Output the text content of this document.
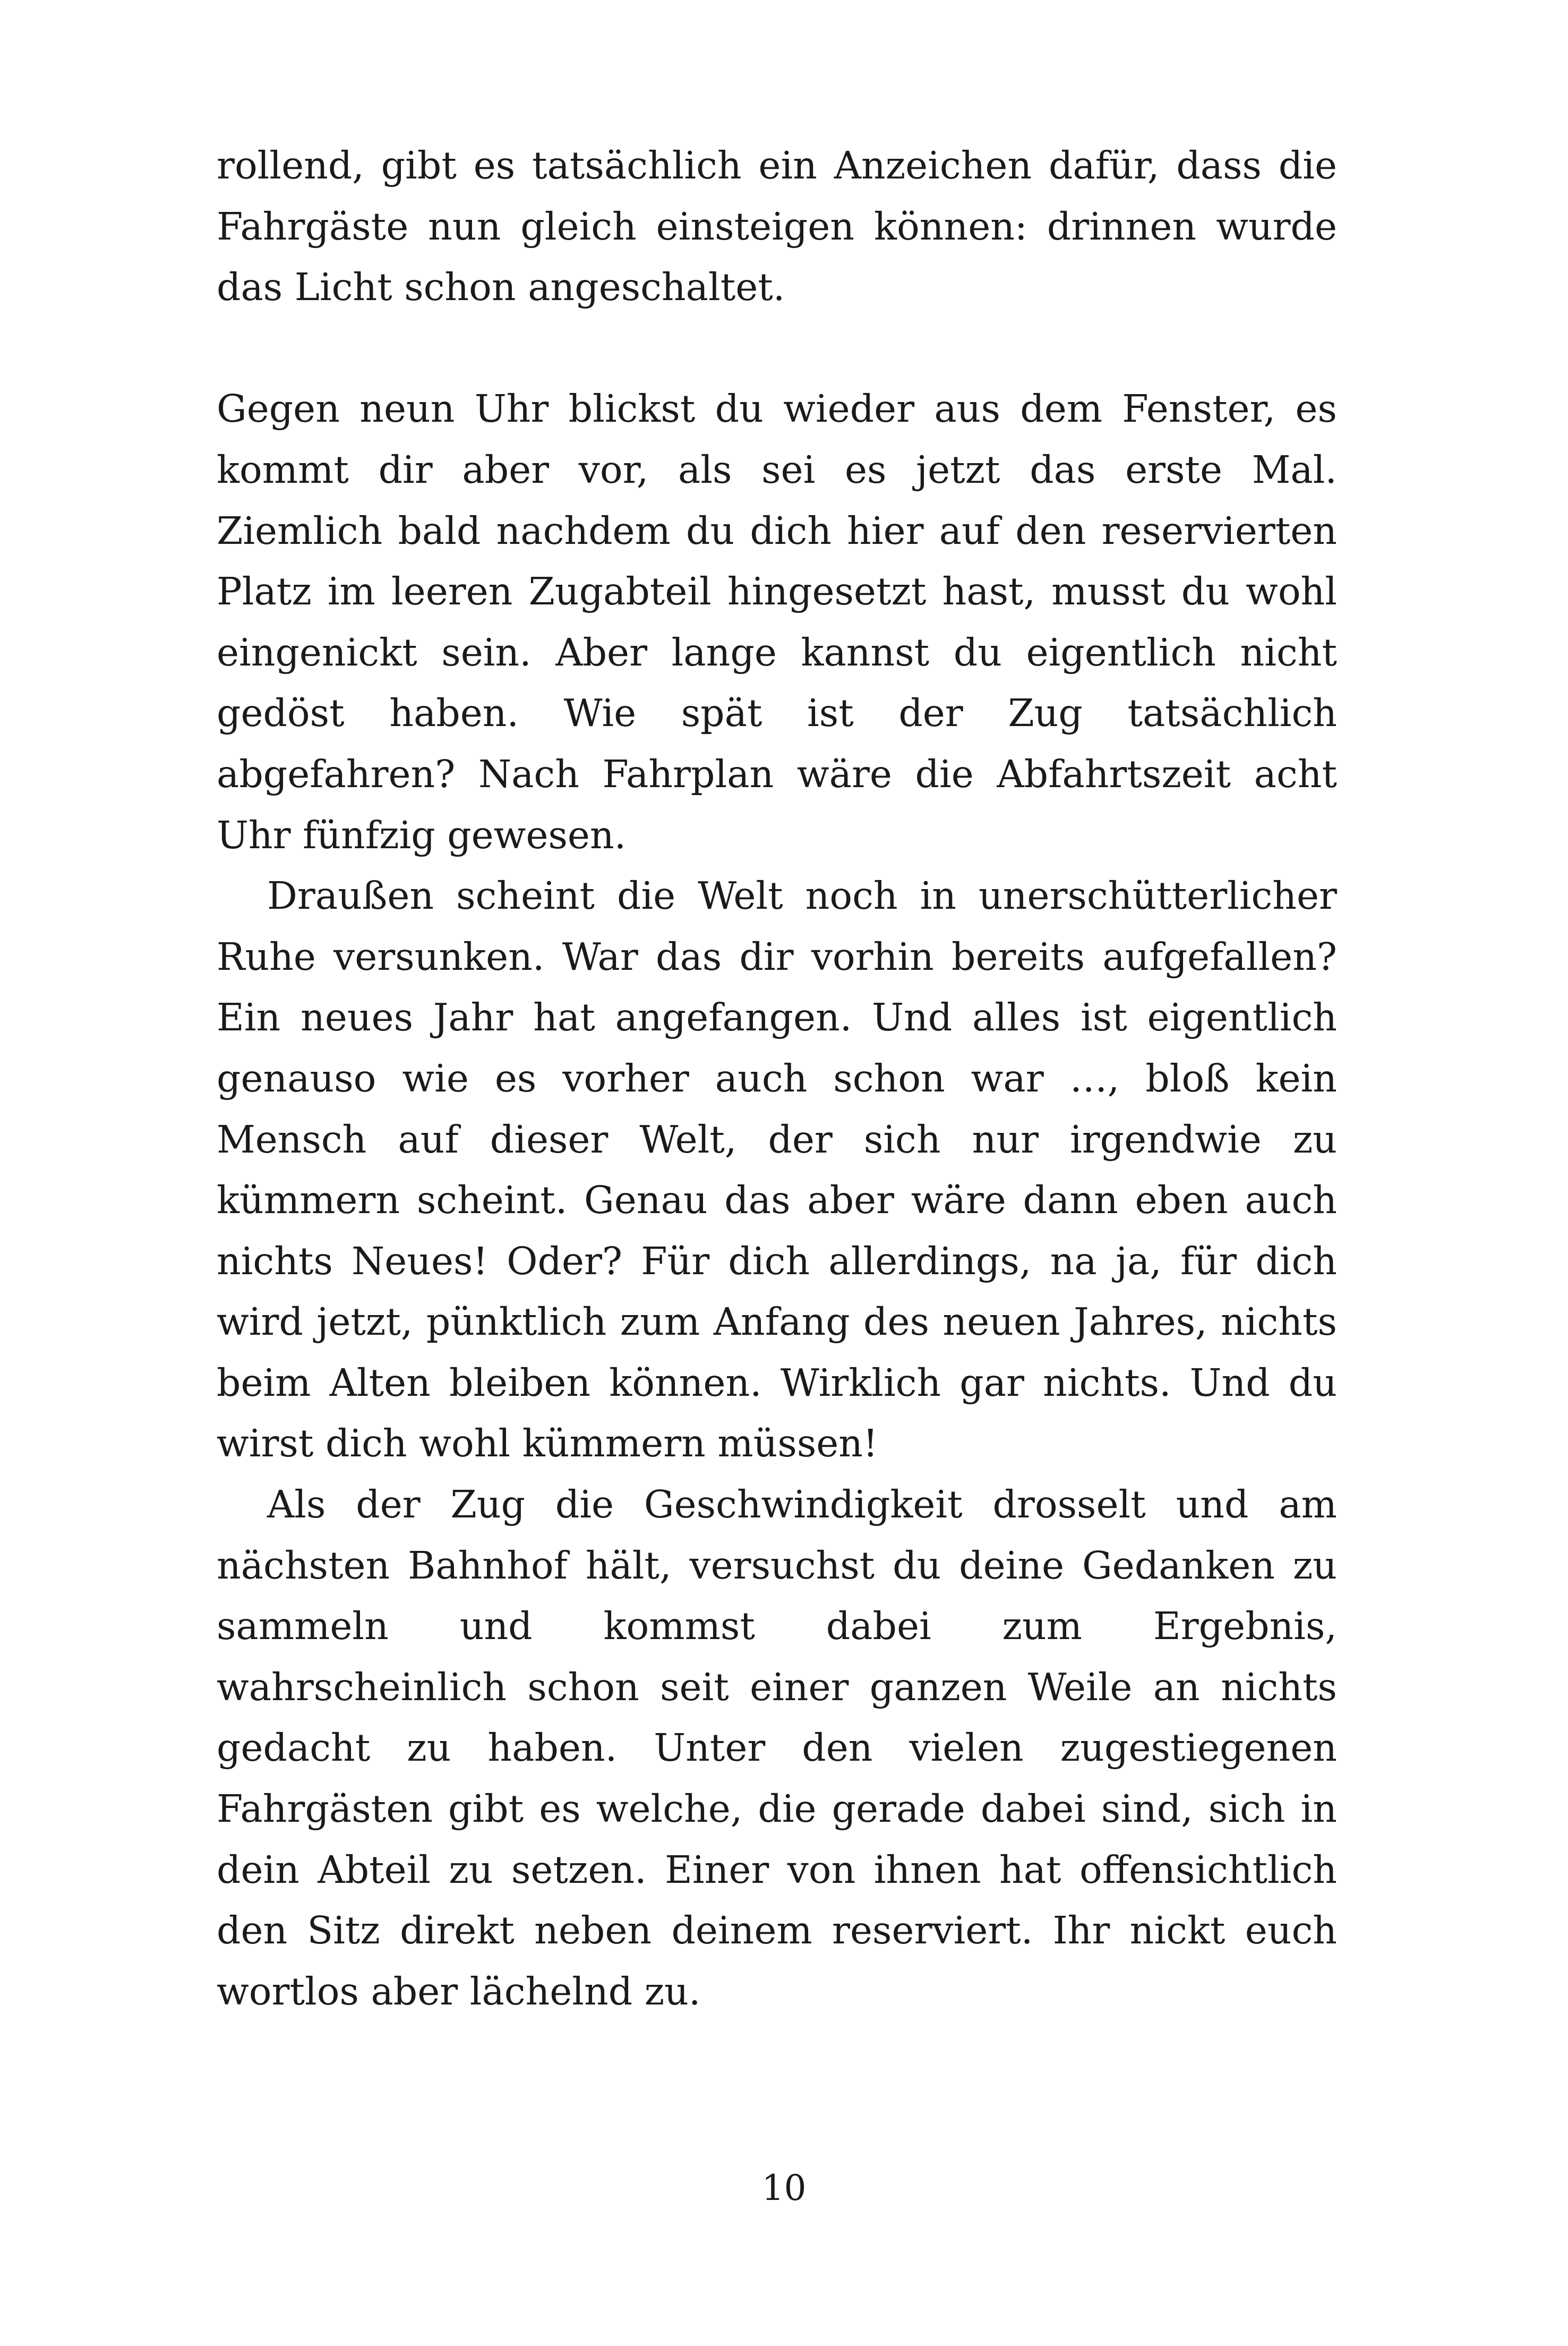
rollend, gibt es tatsächlich ein Anzeichen dafür, dass die Fahrgäste nun gleich einsteigen können: drinnen wurde das Licht schon angeschaltet.

Gegen neun Uhr blickst du wieder aus dem Fenster, es kommt dir aber vor, als sei es jetzt das erste Mal. Ziemlich bald nachdem du dich hier auf den reservierten Platz im leeren Zugabteil hingesetzt hast, musst du wohl eingenickt sein. Aber lange kannst du eigentlich nicht gedöst haben. Wie spät ist der Zug tatsächlich abgefahren? Nach Fahrplan wäre die Abfahrtszeit acht Uhr fünfzig gewesen.

Draußen scheint die Welt noch in unerschütterlicher Ruhe versunken. War das dir vorhin bereits aufgefallen? Ein neues Jahr hat angefangen. Und alles ist eigentlich genauso wie es vorher auch schon war …, bloß kein Mensch auf dieser Welt, der sich nur irgendwie zu kümmern scheint. Genau das aber wäre dann eben auch nichts Neues! Oder? Für dich allerdings, na ja, für dich wird jetzt, pünktlich zum Anfang des neuen Jahres, nichts beim Alten bleiben können. Wirklich gar nichts. Und du wirst dich wohl kümmern müssen!

Als der Zug die Geschwindigkeit drosselt und am nächsten Bahnhof hält, versuchst du deine Gedanken zu sammeln und kommst dabei zum Ergebnis, wahrscheinlich schon seit einer ganzen Weile an nichts gedacht zu haben. Unter den vielen zugestiegenen Fahrgästen gibt es welche, die gerade dabei sind, sich in dein Abteil zu setzen. Einer von ihnen hat offensichtlich den Sitz direkt neben deinem reserviert. Ihr nickt euch wortlos aber lächelnd zu.

10
